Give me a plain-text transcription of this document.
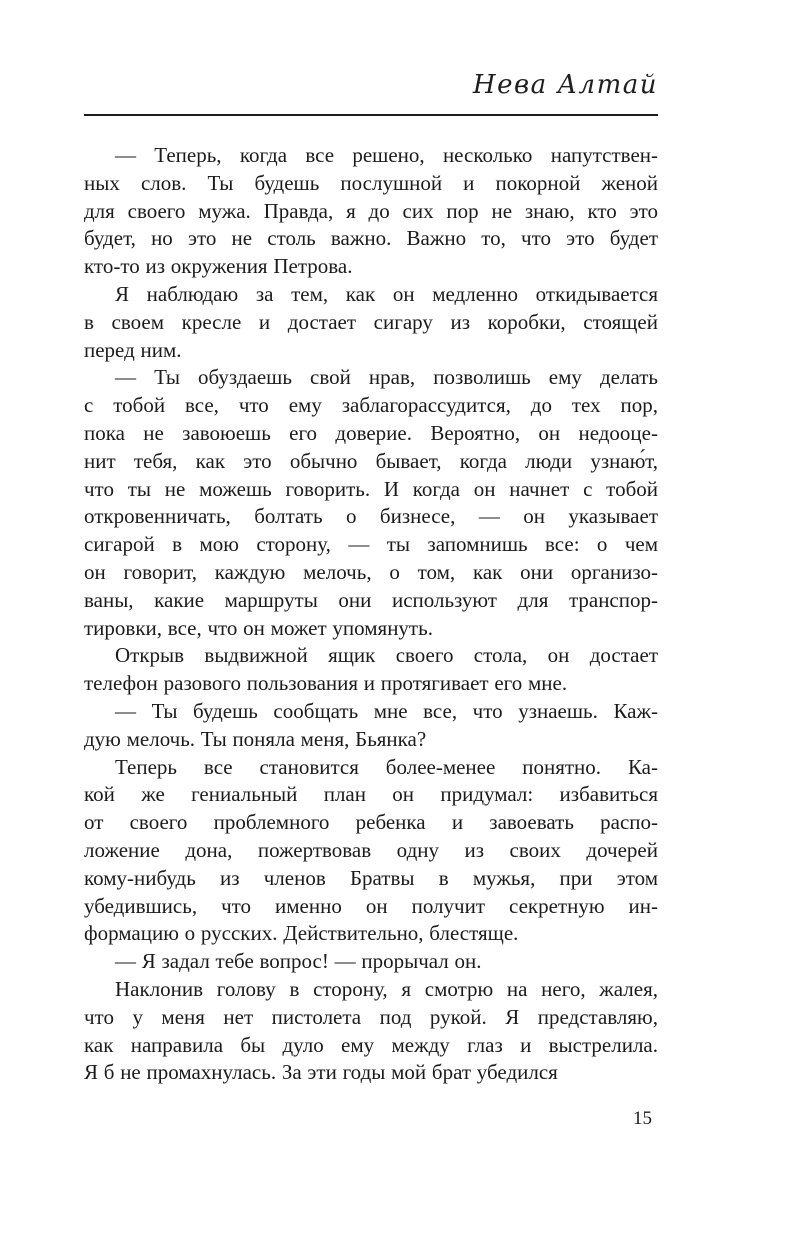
Нева Алтай
— Теперь, когда все решено, несколько напутствен-
ных слов. Ты будешь послушной и покорной женой
для своего мужа. Правда, я до сих пор не знаю, кто это
будет, но это не столь важно. Важно то, что это будет
кто-то из окружения Петрова.
Я наблюдаю за тем, как он медленно откидывается
в своем кресле и достает сигару из коробки, стоящей
перед ним.
— Ты обуздаешь свой нрав, позволишь ему делать
с тобой все, что ему заблагорассудится, до тех пор,
пока не завоюешь его доверие. Вероятно, он недооце-
нит тебя, как это обычно бывает, когда люди узнаю́т,
что ты не можешь говорить. И когда он начнет с тобой
откровенничать, болтать о бизнесе, — он указывает
сигарой в мою сторону, — ты запомнишь все: о чем
он говорит, каждую мелочь, о том, как они организо-
ваны, какие маршруты они используют для транспор-
тировки, все, что он может упомянуть.
Открыв выдвижной ящик своего стола, он достает
телефон разового пользования и протягивает его мне.
— Ты будешь сообщать мне все, что узнаешь. Каж-
дую мелочь. Ты поняла меня, Бьянка?
Теперь все становится более-менее понятно. Ка-
кой же гениальный план он придумал: избавиться
от своего проблемного ребенка и завоевать распо-
ложение дона, пожертвовав одну из своих дочерей
кому-нибудь из членов Братвы в мужья, при этом
убедившись, что именно он получит секретную ин-
формацию о русских. Действительно, блестяще.
— Я задал тебе вопрос! — прорычал он.
Наклонив голову в сторону, я смотрю на него, жалея,
что у меня нет пистолета под рукой. Я представляю,
как направила бы дуло ему между глаз и выстрелила.
Я б не промахнулась. За эти годы мой брат убедился
15
